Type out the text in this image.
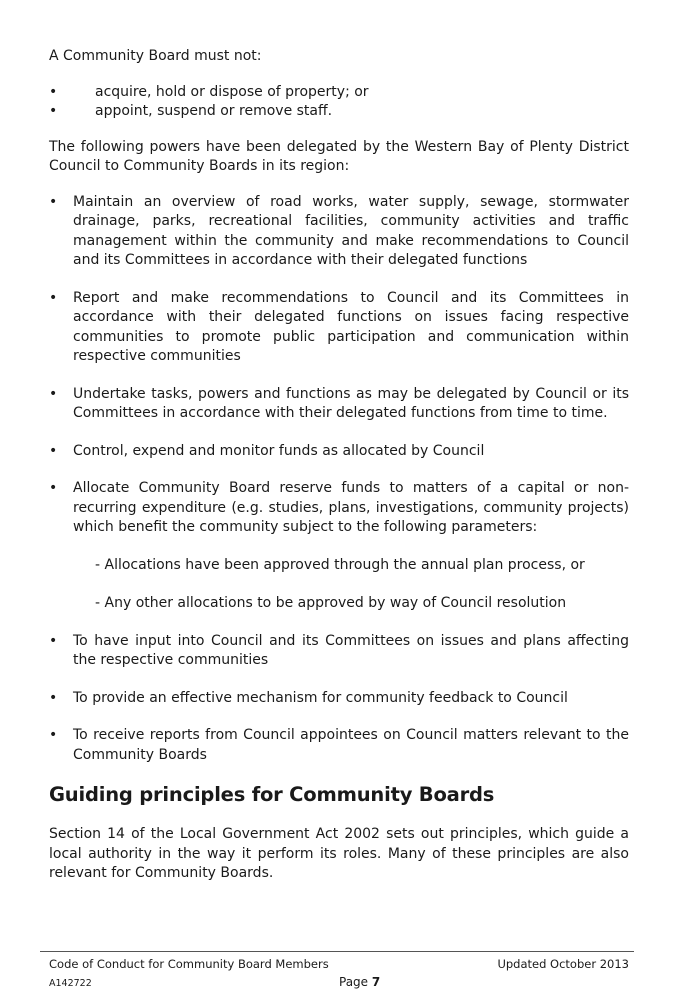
A Community Board must not:

•	acquire, hold or dispose of property; or
•	appoint, suspend or remove staff.

The following powers have been delegated by the Western Bay of Plenty District Council to Community Boards in its region:

• Maintain an overview of road works, water supply, sewage, stormwater drainage, parks, recreational facilities, community activities and traffic management within the community and make recommendations to Council and its Committees in accordance with their delegated functions
• Report and make recommendations to Council and its Committees in accordance with their delegated functions on issues facing respective communities to promote public participation and communication within respective communities
• Undertake tasks, powers and functions as may be delegated by Council or its Committees in accordance with their delegated functions from time to time.
• Control, expend and monitor funds as allocated by Council
• Allocate Community Board reserve funds to matters of a capital or non-recurring expenditure (e.g. studies, plans, investigations, community projects) which benefit the community subject to the following parameters:

- Allocations have been approved through the annual plan process, or

- Any other allocations to be approved by way of Council resolution

• To have input into Council and its Committees on issues and plans affecting the respective communities
• To provide an effective mechanism for community feedback to Council
• To receive reports from Council appointees on Council matters relevant to the Community Boards
Guiding principles for Community Boards

Section 14 of the Local Government Act 2002 sets out principles, which guide a local authority in the way it perform its roles. Many of these principles are also relevant for Community Boards.

Code of Conduct for Community Board Members	Updated October 2013
A142722	Page 7
